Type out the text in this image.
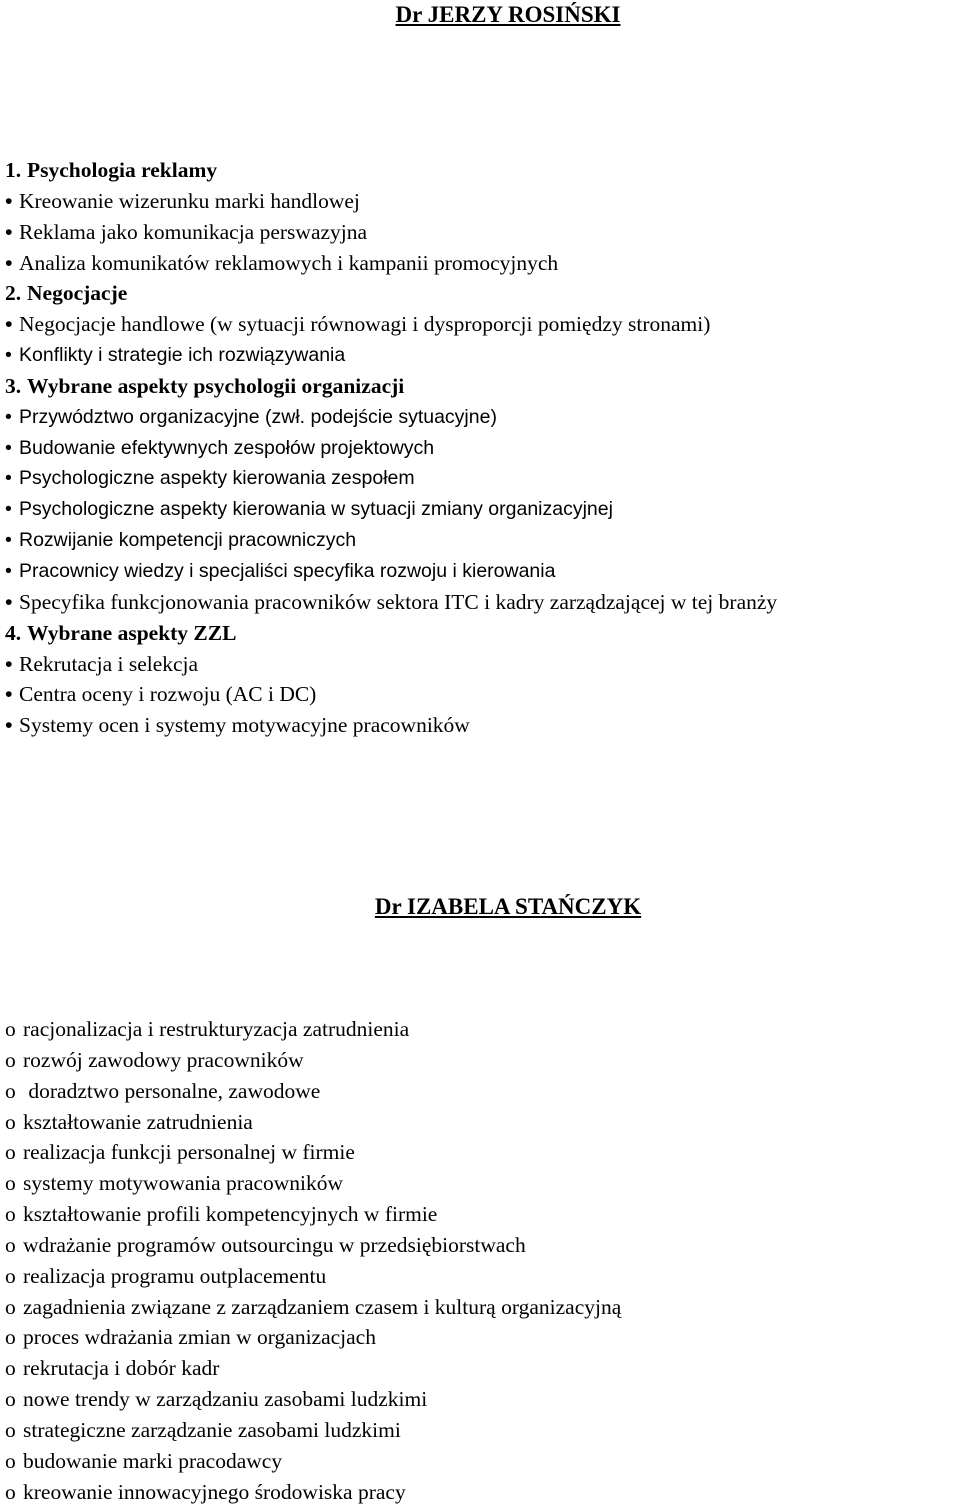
Dr JERZY ROSIŃSKI
1. Psychologia reklamy
• Kreowanie wizerunku marki handlowej
• Reklama jako komunikacja perswazyjna
• Analiza komunikatów reklamowych i kampanii promocyjnych
2. Negocjacje
• Negocjacje handlowe (w sytuacji równowagi i dysproporcji pomiędzy stronami)
• Konflikty i strategie ich rozwiązywania
3. Wybrane aspekty psychologii organizacji
• Przywództwo organizacyjne (zwł. podejście sytuacyjne)
• Budowanie efektywnych zespołów projektowych
• Psychologiczne aspekty kierowania zespołem
• Psychologiczne aspekty kierowania w sytuacji zmiany organizacyjnej
• Rozwijanie kompetencji pracowniczych
• Pracownicy wiedzy i specjaliści specyfika rozwoju i kierowania
• Specyfika funkcjonowania pracowników sektora ITC i kadry zarządzającej w tej branży
4. Wybrane aspekty ZZL
• Rekrutacja i selekcja
• Centra oceny i rozwoju (AC i DC)
• Systemy ocen i systemy motywacyjne pracowników
Dr IZABELA STAŃCZYK
o racjonalizacja i restrukturyzacja zatrudnienia
o rozwój zawodowy pracowników
o doradztwo personalne, zawodowe
o kształtowanie zatrudnienia
o realizacja funkcji personalnej w firmie
o systemy motywowania pracowników
o kształtowanie profili kompetencyjnych w firmie
o wdrażanie programów outsourcingu w przedsiębiorstwach
o realizacja programu outplacementu
o zagadnienia związane z zarządzaniem czasem i kulturą organizacyjną
o proces wdrażania zmian w organizacjach
o rekrutacja i dobór kadr
o nowe trendy w zarządzaniu zasobami ludzkimi
o strategiczne zarządzanie zasobami ludzkimi
o budowanie marki pracodawcy
o kreowanie innowacyjnego środowiska pracy
